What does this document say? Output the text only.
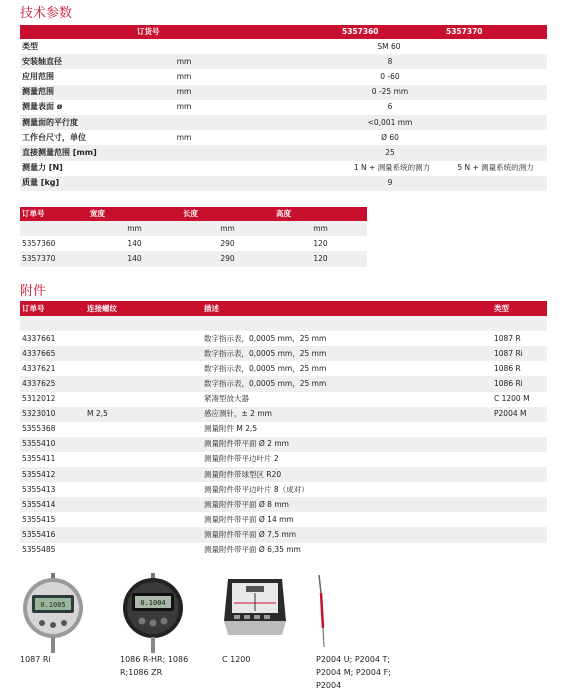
技术参数
	订货号		5357360	5357370
类型		SM 60		
安装轴直径	mm	8		
应用范围	mm	0 -60		
测量范围	mm	0 -25 mm		
测量表面 ø	mm	6		
测量面的平行度		<0,001 mm		
工作台尺寸，单位	mm	Ø 60		
直接测量范围 [mm]		25		
测量力 [N]			1 N + 测量系统的测力	5 N + 测量系统的测力
质量 [kg]		9		
订单号	宽度	长度	高度
	mm	mm	mm
5357360	140	290	120
5357370	140	290	120
附件
订单号	连接螺纹	描述	类型

4337661		数字指示表，0,0005 mm，25 mm	1087 R
4337665		数字指示表，0,0005 mm，25 mm	1087 Ri
4337621		数字指示表，0,0005 mm，25 mm	1086 R
4337625		数字指示表，0,0005 mm，25 mm	1086 Ri
5312012		紧凑型放大器	C 1200 M
5323010	M 2,5	感应测针，± 2 mm	P2004 M
5355368		测量附件 M 2,5	
5355410		测量附件带平面 Ø 2 mm	
5355411		测量附件带平边叶片 2	
5355412		测量附件带球型区 R20	
5355413		测量附件带平边叶片 8（成对）	
5355414		测量附件带平面 Ø 8 mm	
5355415		测量附件带平面 Ø 14 mm	
5355416		测量附件带平面 Ø 7,5 mm	
5355485		测量附件带平面 Ø 6,35 mm	
0.1005
1087 Ri
0.1004
1086 R-HR; 1086 R;1086 ZR
C 1200	P2004 U; P2004 T; P2004 M; P2004 F; P2004
